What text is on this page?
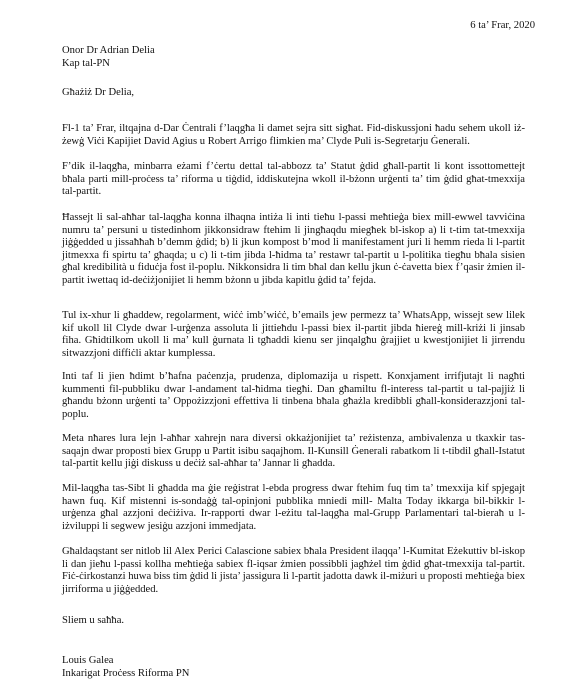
6 ta’ Frar, 2020
Onor Dr Adrian Delia
Kap tal-PN
Għażiż Dr Delia,
Fl-1 ta’ Frar, iltqajna d-Dar Ċentrali f’laqgħa li damet sejra sitt sigħat. Fid-diskussjoni ħadu sehem ukoll iż-żewġ Viċi Kapijiet David Agius u Robert Arrigo flimkien ma’ Clyde Puli is-Segretarju Ġenerali.
F’dik il-laqgħa, minbarra eżami f’ċertu dettal tal-abbozz ta’ Statut ġdid għall-partit li kont issottomettejt bħala parti mill-proċess ta’ riforma u tiġdid, iddiskutejna wkoll il-bżonn urġenti ta’ tim ġdid għat-tmexxija tal-partit.
Ħassejt li sal-aħħar tal-laqgħa konna ilħaqna intiża li inti tieħu l-passi meħtieġa biex mill-ewwel tavviċina numru ta’ persuni u tistedinhom jikkonsidraw ftehim li jingħaqdu miegħek bl-iskop a) li t-tim tat-tmexxija jiġġedded u jissaħħaħ b’demm ġdid; b) li jkun kompost b’mod li manifestament juri li hemm rieda li l-partit jitmexxa fi spirtu ta’ għaqda; u c) li t-tim jibda l-ħidma ta’ restawr tal-partit u l-politika tiegħu bħala sisien għal kredibilità u fiduċja fost il-poplu. Nikkonsidra li tim bħal dan kellu jkun ċ-ċavetta biex f’qasir żmien il-partit iwettaq id-deċiżjonijiet li hemm bżonn u jibda kapitlu ġdid ta’ fejda.
Tul ix-xhur li għaddew, regolarment, wiċċ imb’wiċċ, b’emails jew permezz ta’ WhatsApp, wissejt sew lilek kif ukoll lil Clyde dwar l-urġenza assoluta li jittieħdu l-passi biex il-partit jibda ħiereġ mill-kriżi li jinsab fiha. Għidtilkom ukoll li ma’ kull ġurnata li tgħaddi kienu ser jinqalgħu ġrajjiet u kwestjonijiet li jirrendu sitwazzjoni diffiċli aktar kumplessa.
Inti taf li jien ħdimt b’ħafna paċenzja, prudenza, diplomazija u rispett. Konxjament irrifjutajt li nagħti kummenti fil-pubbliku dwar l-andament tal-ħidma tiegħi. Dan għamiltu fl-interess tal-partit u tal-pajjiż li għandu bżonn urġenti ta’ Oppożizzjoni effettiva li tinbena bħala għażla kredibbli għall-konsiderazzjoni tal-poplu.
Meta nħares lura lejn l-aħħar xahrejn nara diversi okkażjonijiet ta’ reżistenza, ambivalenza u tkaxkir tas-saqajn dwar proposti biex Grupp u Partit isibu saqajhom. Il-Kunsill Ġenerali rabatkom li t-tibdil għall-Istatut tal-partit kellu jiġi diskuss u deċiż sal-aħħar ta’ Jannar li għadda.
Mil-laqgħa tas-Sibt li għadda ma ġie reġistrat l-ebda progress dwar ftehim fuq tim ta’ tmexxija kif spjegajt hawn fuq. Kif mistenni is-sondaġġ tal-opinjoni pubblika mniedi mill- Malta Today ikkarga bil-bikkir l-urġenza għal azzjoni deċiżiva. Ir-rapporti dwar l-eżitu tal-laqgħa mal-Grupp Parlamentari tal-bieraħ u l-iżviluppi li segwew jesiġu azzjoni immedjata.
Għaldaqstant ser nitlob lil Alex Perici Calascione sabiex bħala President ilaqqa’ l-Kumitat Eżekuttiv bl-iskop li dan jieħu l-passi kollha meħtieġa sabiex fl-iqsar żmien possibbli jagħżel tim ġdid għat-tmexxija tal-partit. Fiċ-ċirkostanzi huwa biss tim ġdid li jista’ jassigura li l-partit jadotta dawk il-miżuri u proposti meħtieġa biex jirriforma u jiġġedded.
Sliem u saħħa.
Louis Galea
Inkarigat Proċess Riforma PN
